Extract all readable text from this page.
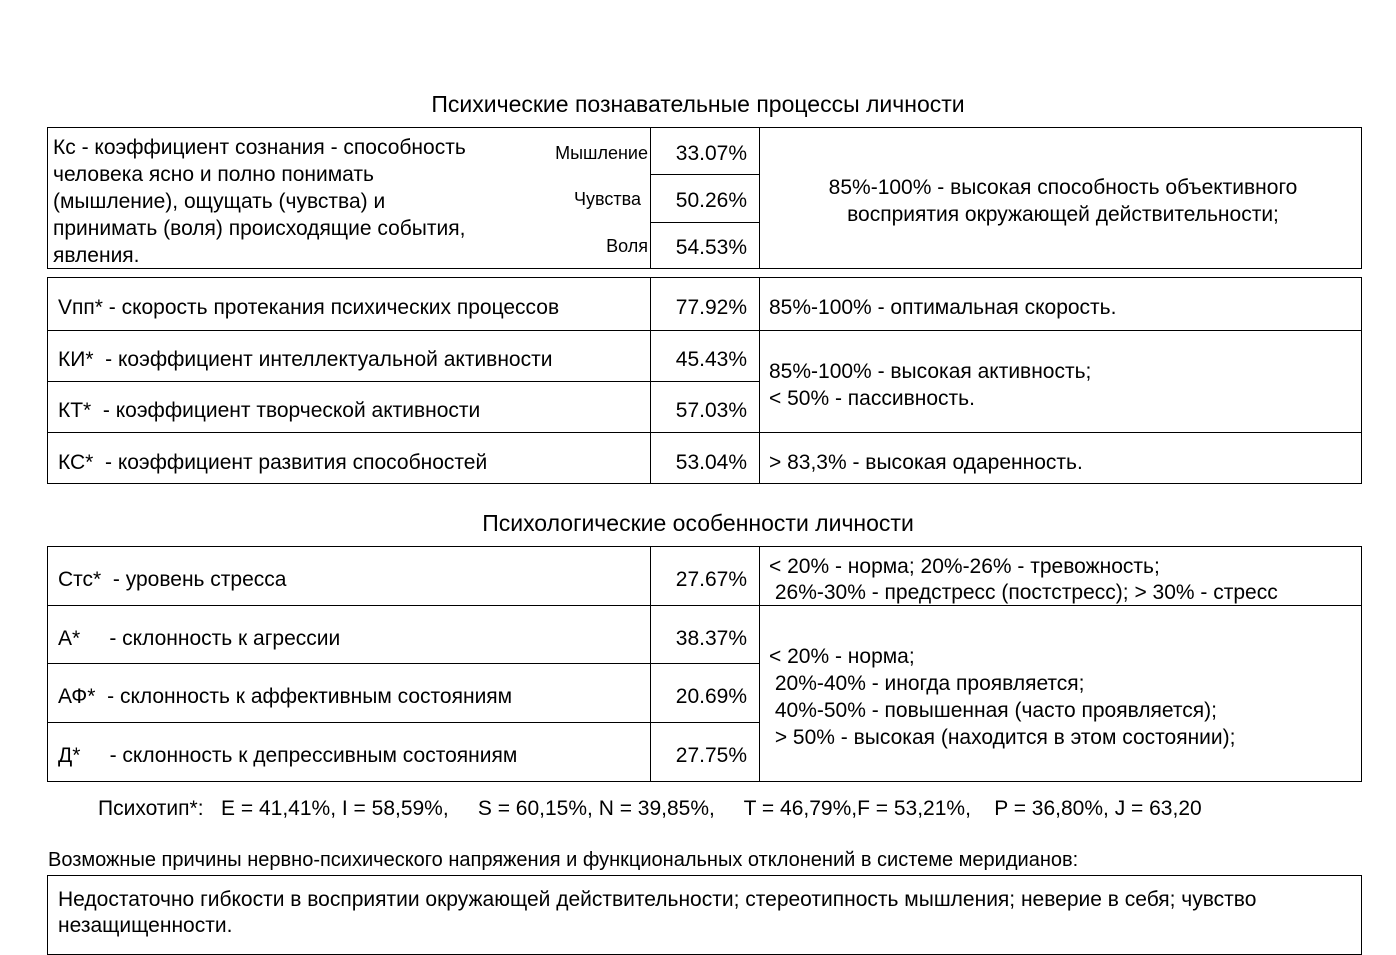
Психические познавательные процессы личности
Кс - коэффициент сознания - способность человека ясно и полно понимать (мышление), ощущать (чувства) и принимать (воля) происходящие события, явления.
Мышление	33.07%
Чувства	50.26%
Воля	54.53%
85%-100% - высокая способность объективного восприятия окружающей действительности;
Vпп* - скорость протекания психических процессов	77.92%	85%-100% - оптимальная скорость.
КИ*  - коэффициент интеллектуальной активности	45.43%
КТ*  - коэффициент творческой активности	57.03%
85%-100% - высокая активность;
< 50% - пассивность.
КС*  - коэффициент развития способностей	53.04%	> 83,3% - высокая одаренность.
Психологические особенности личности
Стс*  - уровень стресса	27.67%
< 20% - норма; 20%-26% - тревожность;
26%-30% - предстресс (постстресс); > 30% - стресс
А*     - склонность к агрессии	38.37%
АФ*  - склонность к аффективным состояниям	20.69%
Д*     - склонность к депрессивным состояниям	27.75%
< 20% - норма;
20%-40% - иногда проявляется;
40%-50% - повышенная (часто проявляется);
> 50% - высокая (находится в этом состоянии);
Психотип*:   E = 41,41%, I = 58,59%,     S = 60,15%, N = 39,85%,     T = 46,79%,F = 53,21%,    P = 36,80%, J = 63,20
Возможные причины нервно-психического напряжения и функциональных отклонений в системе меридианов:
Недостаточно гибкости в восприятии окружающей действительности; стереотипность мышления; неверие в себя; чувство незащищенности.
